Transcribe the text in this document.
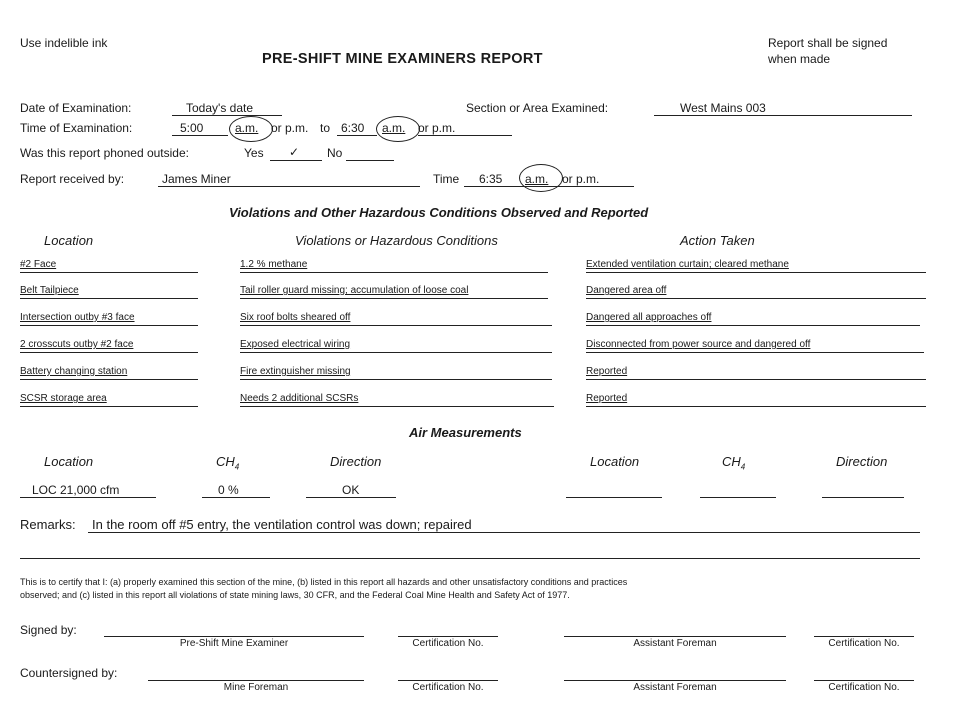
Use indelible ink
PRE-SHIFT MINE EXAMINERS REPORT
Report shall be signed
when made
Date of Examination:	Today's date	Section or Area Examined:	West Mains 003
Time of Examination:	5:00	a.m. or p.m. to 6:30 a.m. or p.m.
Was this report phoned outside:	Yes ✓ No
Report received by:	James Miner	Time 6:35 a.m. or p.m.
Violations and Other Hazardous Conditions Observed and Reported
Location	Violations or Hazardous Conditions	Action Taken
#2 Face	1.2 % methane	Extended ventilation curtain; cleared methane
Belt Tailpiece	Tail roller guard missing; accumulation of loose coal	Dangered area off
Intersection outby #3 face	Six roof bolts sheared off	Dangered all approaches off
2 crosscuts outby #2 face	Exposed electrical wiring	Disconnected from power source and dangered off
Battery changing station	Fire extinguisher missing	Reported
SCSR storage area	Needs 2 additional SCSRs	Reported
Air Measurements
Location	$CH_4$	Direction	Location	$CH_4$	Direction
LOC 21,000 cfm	0 %	OK
Remarks: In the room off #5 entry, the ventilation control was down; repaired
This is to certify that I: (a) properly examined this section of the mine, (b) listed in this report all hazards and other unsatisfactory conditions and practices
observed; and (c) listed in this report all violations of state mining laws, 30 CFR, and the Federal Coal Mine Health and Safety Act of 1977.
Signed by:
Pre-Shift Mine Examiner	Certification No.	Assistant Foreman	Certification No.
Countersigned by:
Mine Foreman	Certification No.	Assistant Foreman	Certification No.
